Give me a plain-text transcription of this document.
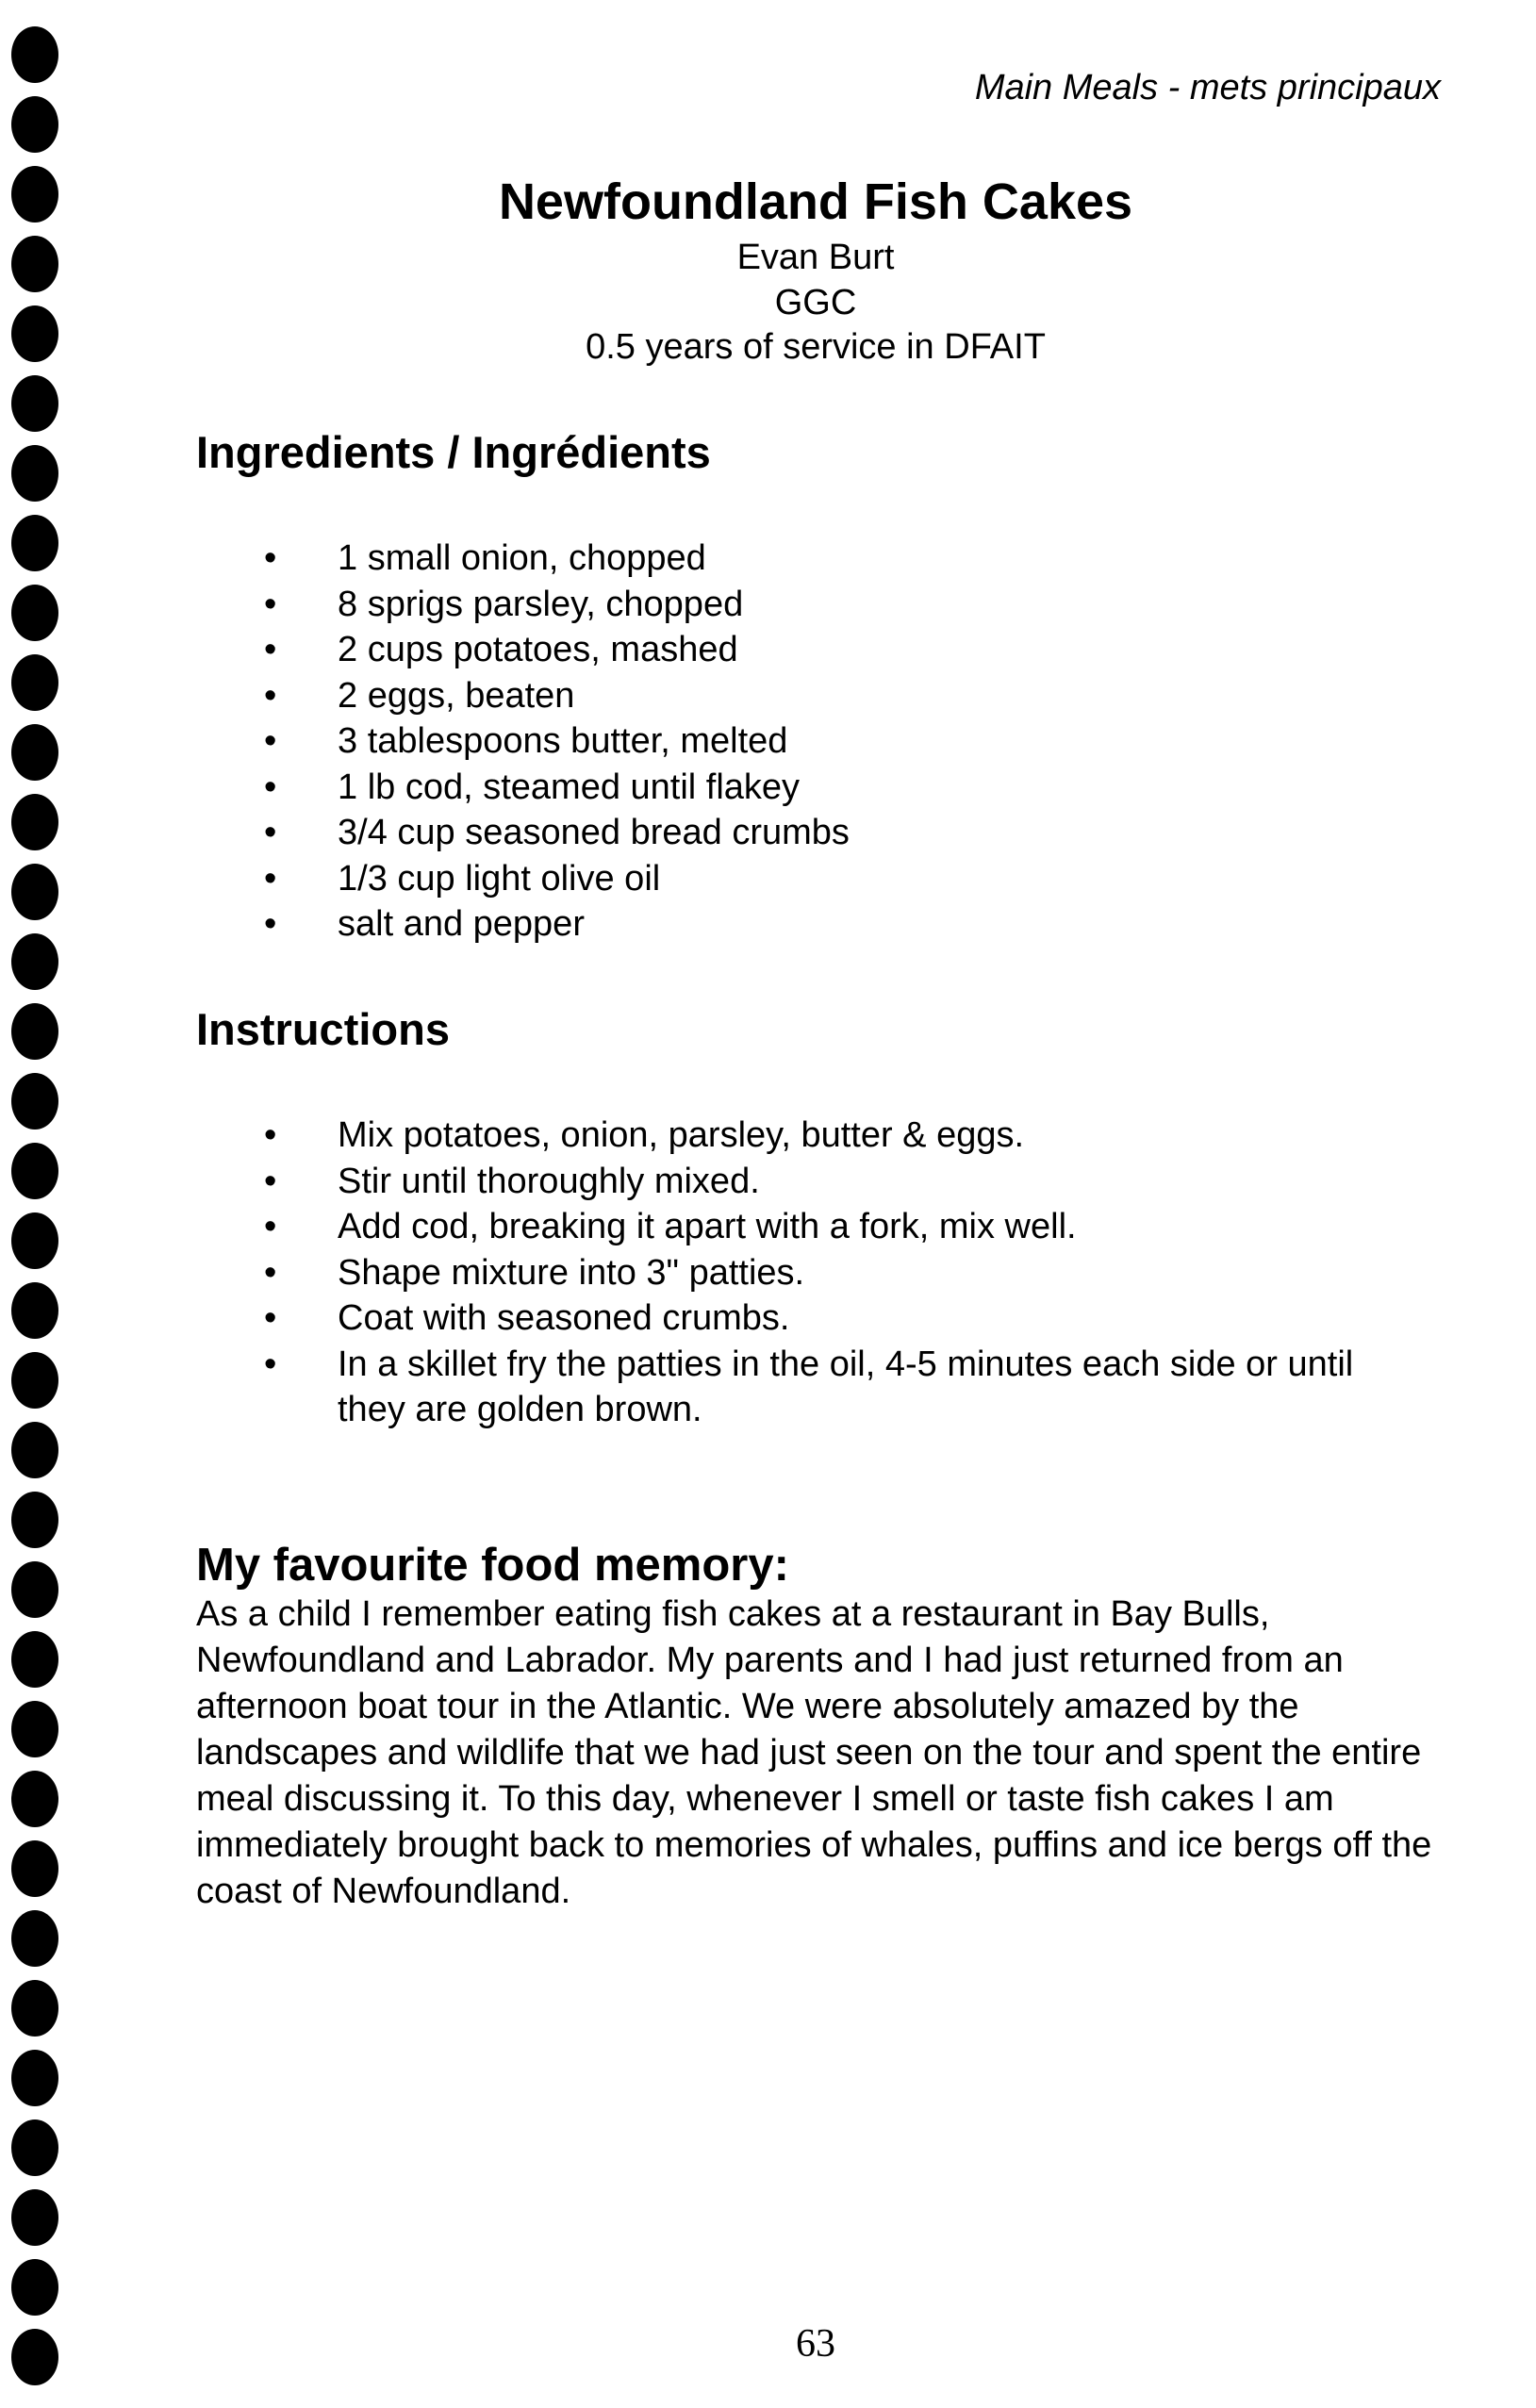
Main Meals - mets principaux
Newfoundland Fish Cakes
Evan Burt
GGC
0.5 years of service in DFAIT
Ingredients / Ingrédients
• 1 small onion, chopped
• 8 sprigs parsley, chopped
• 2 cups potatoes, mashed
• 2 eggs, beaten
• 3 tablespoons butter, melted
• 1 lb cod, steamed until flakey
• 3/4 cup seasoned bread crumbs
• 1/3 cup light olive oil
• salt and pepper
Instructions
• Mix potatoes, onion, parsley, butter & eggs.
• Stir until thoroughly mixed.
• Add cod, breaking it apart with a fork, mix well.
• Shape mixture into 3" patties.
• Coat with seasoned crumbs.
• In a skillet fry the patties in the oil, 4-5 minutes each side or until they are golden brown.
My favourite food memory:
As a child I remember eating fish cakes at a restaurant in Bay Bulls, Newfoundland and Labrador. My parents and I had just returned from an afternoon boat tour in the Atlantic. We were absolutely amazed by the landscapes and wildlife that we had just seen on the tour and spent the entire meal discussing it. To this day, whenever I smell or taste fish cakes I am immediately brought back to memories of whales, puffins and ice bergs off the coast of Newfoundland.
63
